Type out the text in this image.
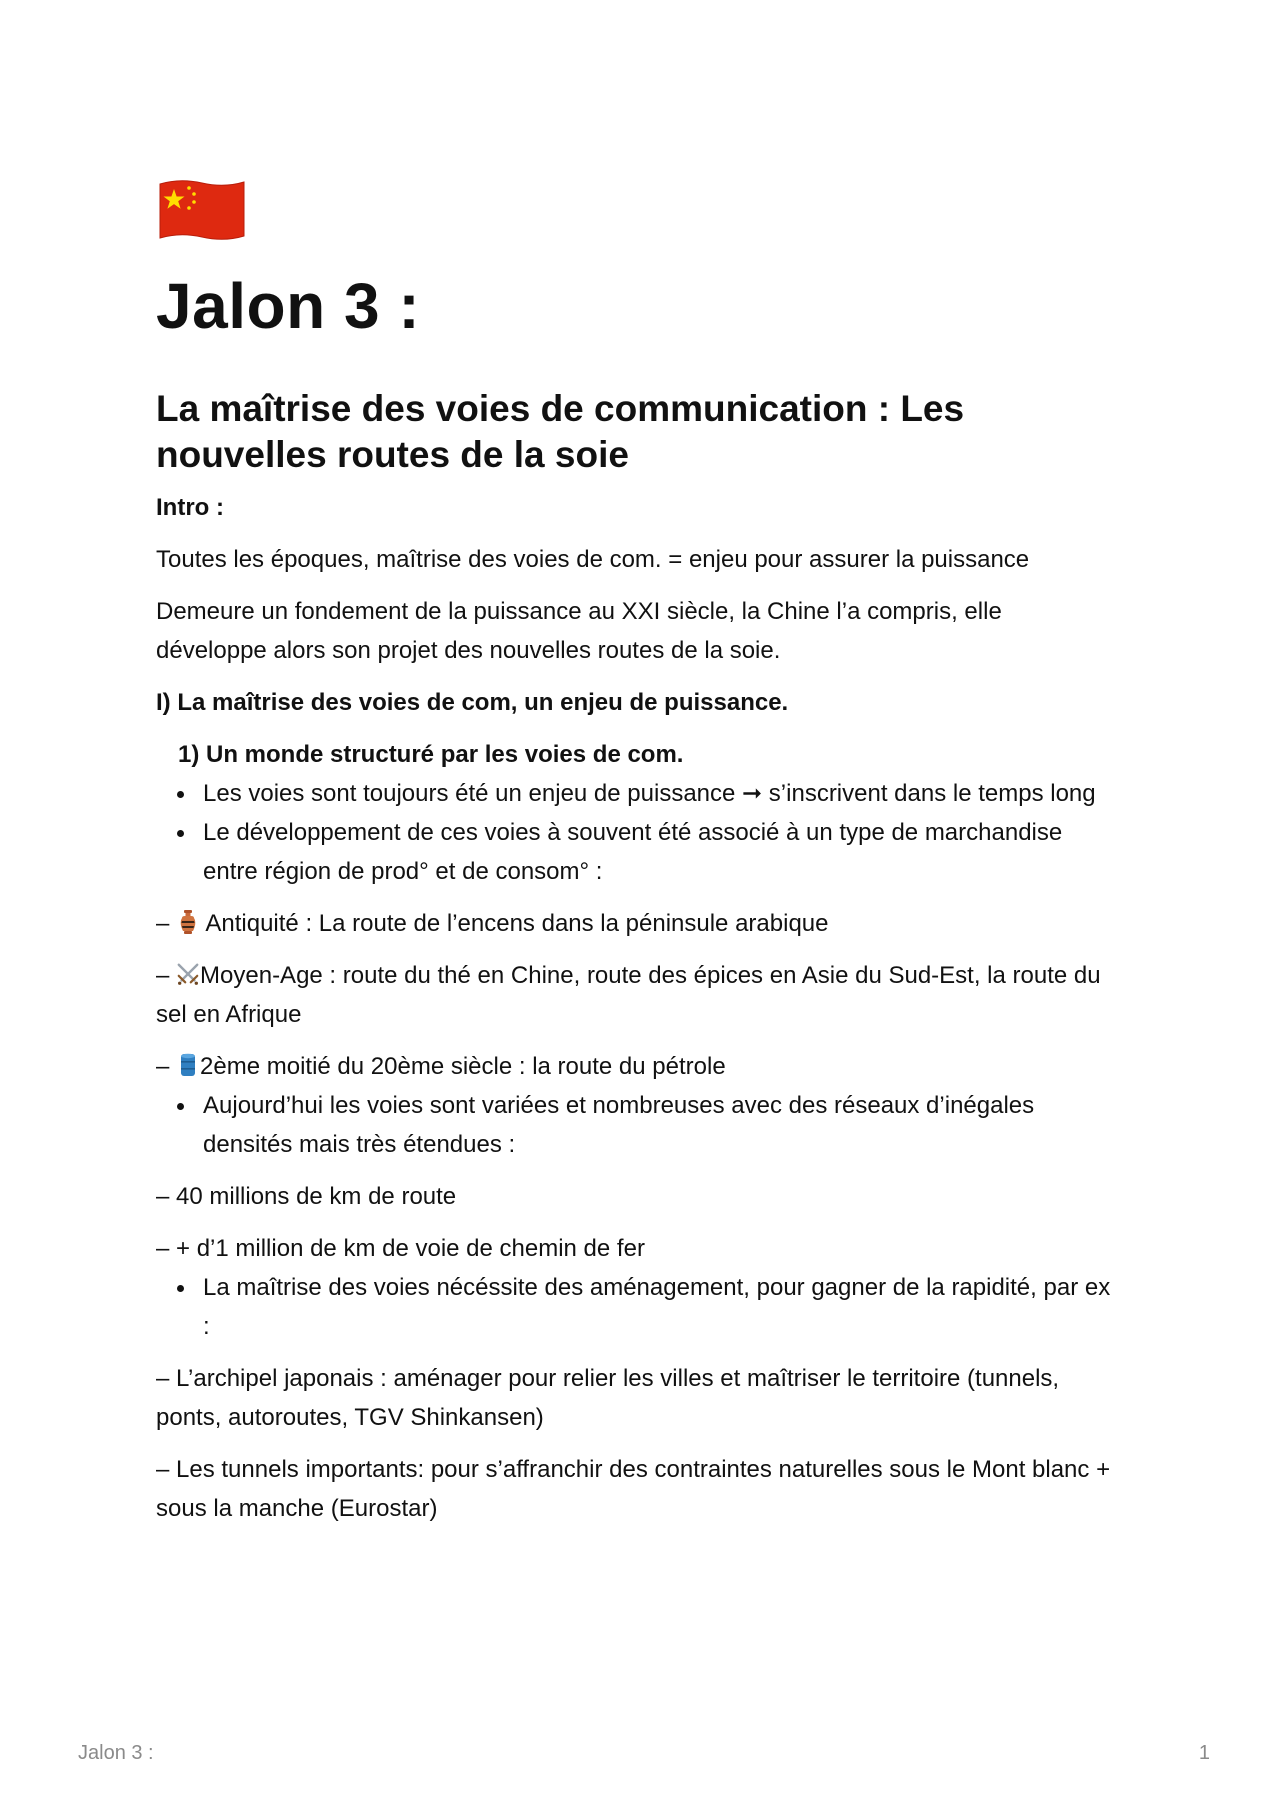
Jalon 3 :
La maîtrise des voies de communication : Les nouvelles routes de la soie

Intro :

Toutes les époques, maîtrise des voies de com. = enjeu pour assurer la puissance

Demeure un fondement de la puissance au XXI siècle, la Chine l’a compris, elle développe alors son projet des nouvelles routes de la soie.

I) La maîtrise des voies de com, un enjeu de puissance.

1) Un monde structuré par les voies de com.

Les voies sont toujours été un enjeu de puissance ➞ s’inscrivent dans le temps long
Le développement de ces voies à souvent été associé à un type de marchandise entre région de prod° et de consom° :

– Antiquité : La route de l’encens dans la péninsule arabique

– Moyen-Age : route du thé en Chine, route des épices en Asie du Sud-Est, la route du sel en Afrique

– 2ème moitié du 20ème siècle : la route du pétrole

Aujourd’hui les voies sont variées et nombreuses avec des réseaux d’inégales densités mais très étendues :

– 40 millions de km de route

– + d’1 million de km de voie de chemin de fer

La maîtrise des voies nécéssite des aménagement, pour gagner de la rapidité, par ex :

– L’archipel japonais : aménager pour relier les villes et maîtriser le territoire (tunnels, ponts, autoroutes, TGV Shinkansen)

– Les tunnels importants: pour s’affranchir des contraintes naturelles sous le Mont blanc + sous la manche (Eurostar)

Jalon 3 :	1
